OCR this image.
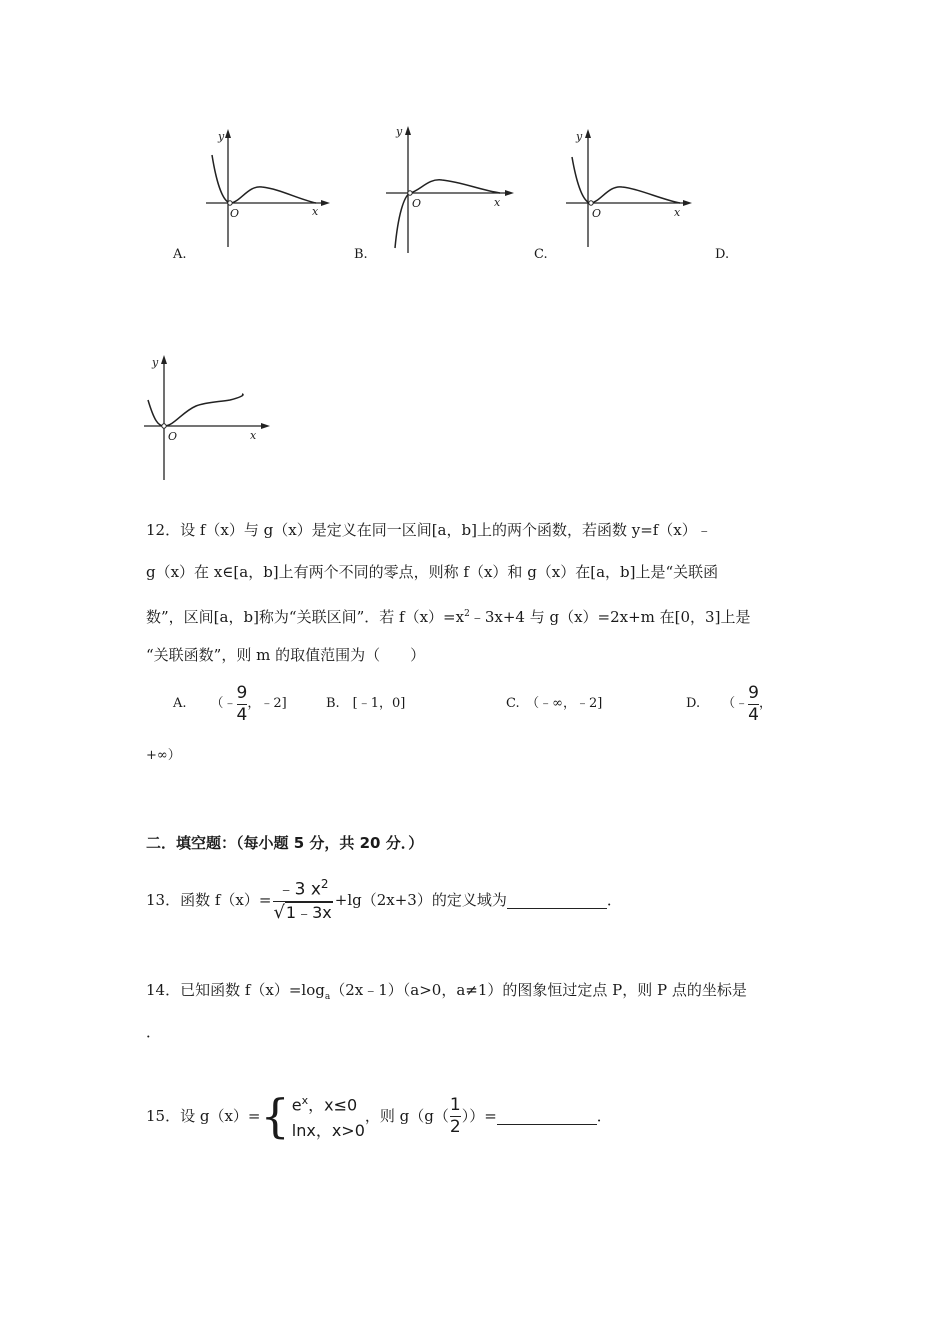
y
O	x
y
O	x
y
O	x
A.	B.	C.	D.
y
O	x
12．设 f（x）与 g（x）是定义在同一区间[a，b]上的两个函数，若函数 y=f（x）﹣
g（x）在 x∈[a，b]上有两个不同的零点，则称 f（x）和 g（x）在[a，b]上是“关联函
数”，区间[a，b]称为“关联区间”．若 $f(x)=x^2﹣3x+4$ 与 g（x）=2x+m 在[0，3]上是
“关联函数”，则 m 的取值范围为（　　）
A. （﹣ $\frac{9}{4}$ ，﹣2]	B.　[﹣1，0]	C.　（﹣∞，﹣2]	D. （﹣ $\frac{9}{4}$ ，
+∞）
二．填空题：（每小题 5 分，共 20 分．）
13．函数 $f(x)= \frac{﹣3 x^2}{√1﹣3x} +\lg(2x+3)$的定义域为	．
14．已知函数 $f(x)=\log_a(2x﹣1)(a>0$，a≠1）的图象恒过定点 P，则 P 点的坐标是
．
15．设 g（x）= { $e^x$，x≤0
lnx，x>0
，则 $g(g( \frac{1}{2}$ ））=	．
